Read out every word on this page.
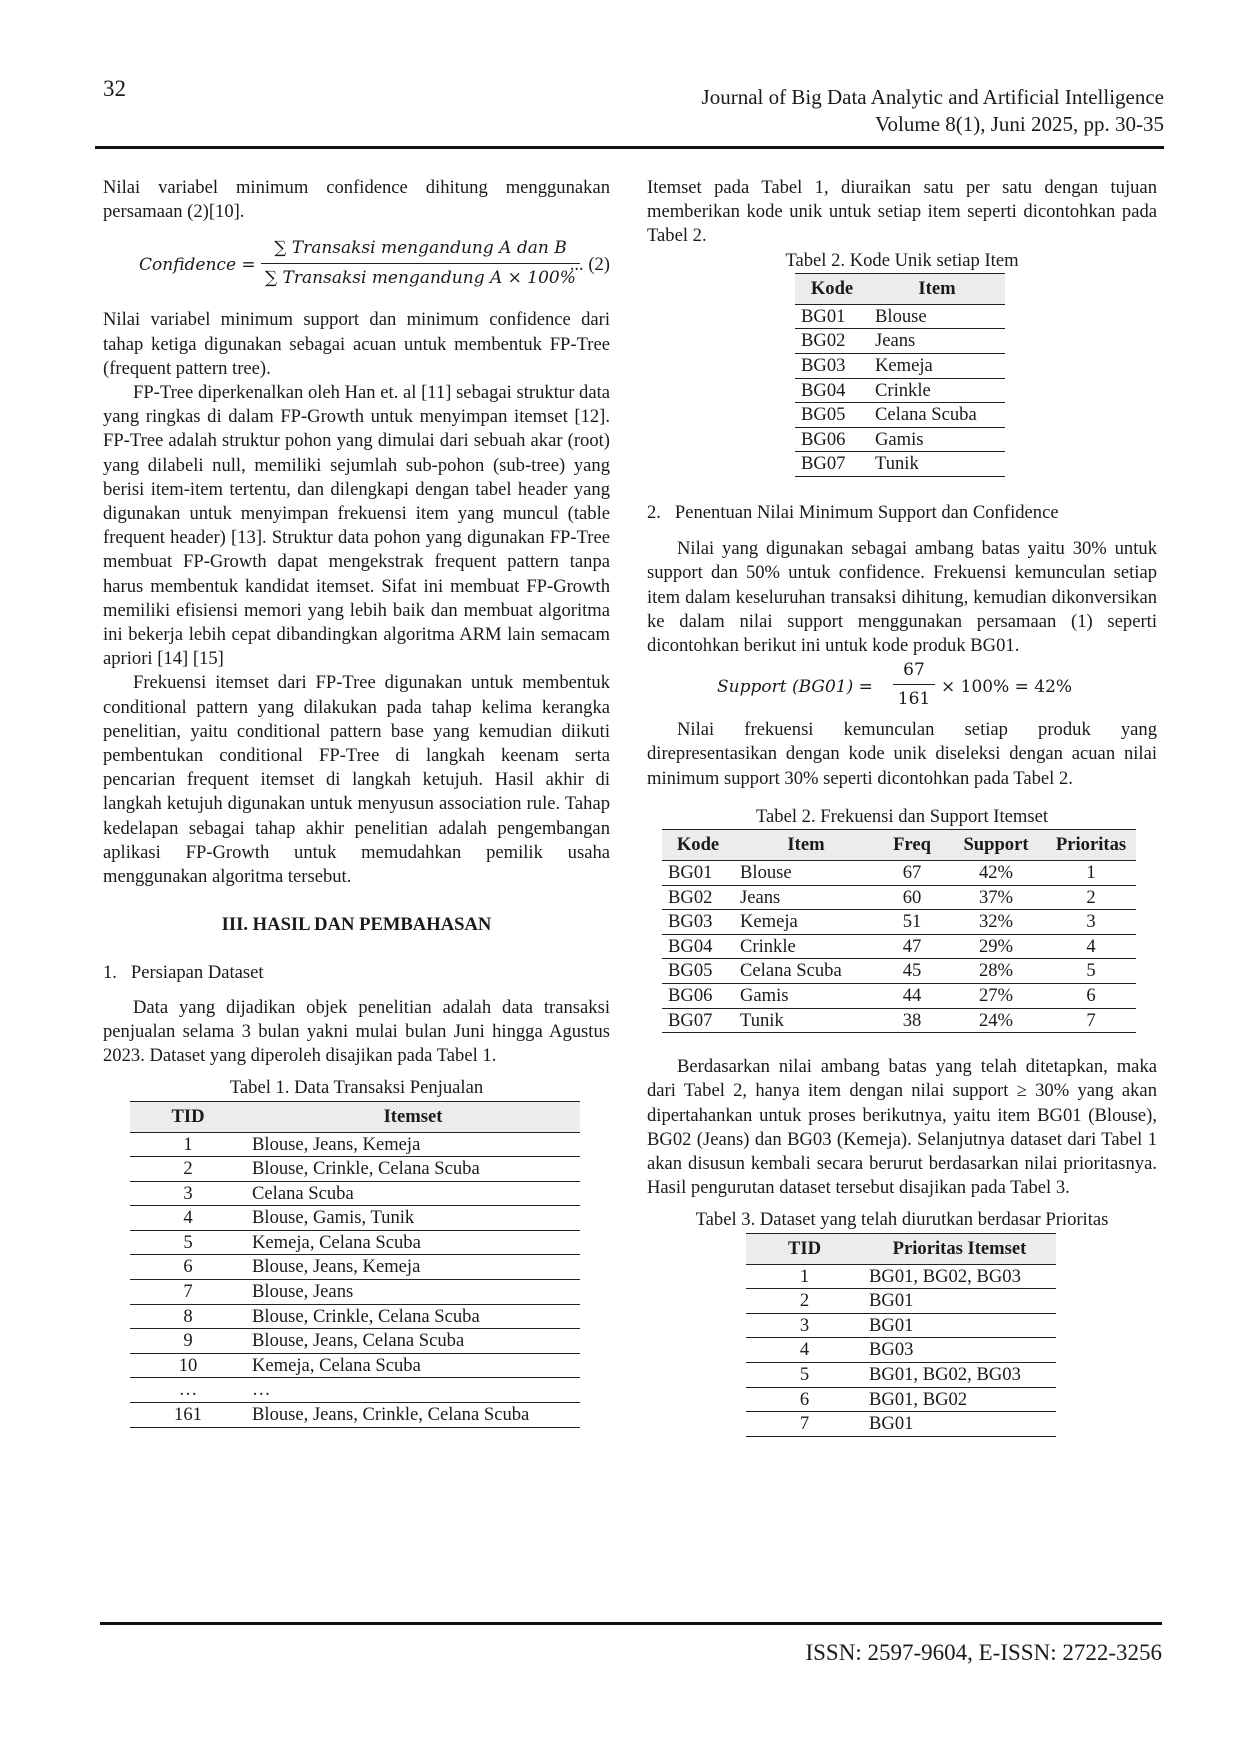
32	Journal of Big Data Analytic and Artificial Intelligence
Volume 8(1), Juni 2025, pp. 30-35

Nilai variabel minimum confidence dihitung menggunakan persamaan (2)[10].

Confidence =
∑ Transaksi mengandung A dan B
∑ Transaksi mengandung A × 100%
... (2)

Nilai variabel minimum support dan minimum confidence dari tahap ketiga digunakan sebagai acuan untuk membentuk FP-Tree (frequent pattern tree).

FP-Tree diperkenalkan oleh Han et. al [11] sebagai struktur data yang ringkas di dalam FP-Growth untuk menyimpan itemset [12]. FP-Tree adalah struktur pohon yang dimulai dari sebuah akar (root) yang dilabeli null, memiliki sejumlah sub-pohon (sub-tree) yang berisi item-item tertentu, dan dilengkapi dengan tabel header yang digunakan untuk menyimpan frekuensi item yang muncul (table frequent header) [13]. Struktur data pohon yang digunakan FP-Tree membuat FP-Growth dapat mengekstrak frequent pattern tanpa harus membentuk kandidat itemset. Sifat ini membuat FP-Growth memiliki efisiensi memori yang lebih baik dan membuat algoritma ini bekerja lebih cepat dibandingkan algoritma ARM lain semacam apriori [14] [15]

Frekuensi itemset dari FP-Tree digunakan untuk membentuk conditional pattern yang dilakukan pada tahap kelima kerangka penelitian, yaitu conditional pattern base yang kemudian diikuti pembentukan conditional FP-Tree di langkah keenam serta pencarian frequent itemset di langkah ketujuh. Hasil akhir di langkah ketujuh digunakan untuk menyusun association rule. Tahap kedelapan sebagai tahap akhir penelitian adalah pengembangan aplikasi FP-Growth untuk memudahkan pemilik usaha menggunakan algoritma tersebut.

III. HASIL DAN PEMBAHASAN

1.   Persiapan Dataset

Data yang dijadikan objek penelitian adalah data transaksi penjualan selama 3 bulan yakni mulai bulan Juni hingga Agustus 2023. Dataset yang diperoleh disajikan pada Tabel 1.

Tabel 1. Data Transaksi Penjualan
TID	Itemset
1	Blouse, Jeans, Kemeja
2	Blouse, Crinkle, Celana Scuba
3	Celana Scuba
4	Blouse, Gamis, Tunik
5	Kemeja, Celana Scuba
6	Blouse, Jeans, Kemeja
7	Blouse, Jeans
8	Blouse, Crinkle, Celana Scuba
9	Blouse, Jeans, Celana Scuba
10	Kemeja, Celana Scuba
…	…
161	Blouse, Jeans, Crinkle, Celana Scuba

Itemset pada Tabel 1, diuraikan satu per satu dengan tujuan memberikan kode unik untuk setiap item seperti dicontohkan pada Tabel 2.

Tabel 2. Kode Unik setiap Item
Kode	Item
BG01	Blouse
BG02	Jeans
BG03	Kemeja
BG04	Crinkle
BG05	Celana Scuba
BG06	Gamis
BG07	Tunik

2.   Penentuan Nilai Minimum Support dan Confidence

Nilai yang digunakan sebagai ambang batas yaitu 30% untuk support dan 50% untuk confidence. Frekuensi kemunculan setiap item dalam keseluruhan transaksi dihitung, kemudian dikonversikan ke dalam nilai support menggunakan persamaan (1) seperti dicontohkan berikut ini untuk kode produk BG01.

Support $(BG01) = \frac{67}{161} \times 100\% = 42\%$

Nilai frekuensi kemunculan setiap produk yang direpresentasikan dengan kode unik diseleksi dengan acuan nilai minimum support 30% seperti dicontohkan pada Tabel 2.

Tabel 2. Frekuensi dan Support Itemset
Kode	Item	Freq	Support	Prioritas
BG01	Blouse	67	42%	1
BG02	Jeans	60	37%	2
BG03	Kemeja	51	32%	3
BG04	Crinkle	47	29%	4
BG05	Celana Scuba	45	28%	5
BG06	Gamis	44	27%	6
BG07	Tunik	38	24%	7

Berdasarkan nilai ambang batas yang telah ditetapkan, maka dari Tabel 2, hanya item dengan nilai support ≥ 30% yang akan dipertahankan untuk proses berikutnya, yaitu item BG01 (Blouse), BG02 (Jeans) dan BG03 (Kemeja). Selanjutnya dataset dari Tabel 1 akan disusun kembali secara berurut berdasarkan nilai prioritasnya. Hasil pengurutan dataset tersebut disajikan pada Tabel 3.

Tabel 3. Dataset yang telah diurutkan berdasar Prioritas
TID	Prioritas Itemset
1	BG01, BG02, BG03
2	BG01
3	BG01
4	BG03
5	BG01, BG02, BG03
6	BG01, BG02
7	BG01
ISSN: 2597-9604, E-ISSN: 2722-3256
